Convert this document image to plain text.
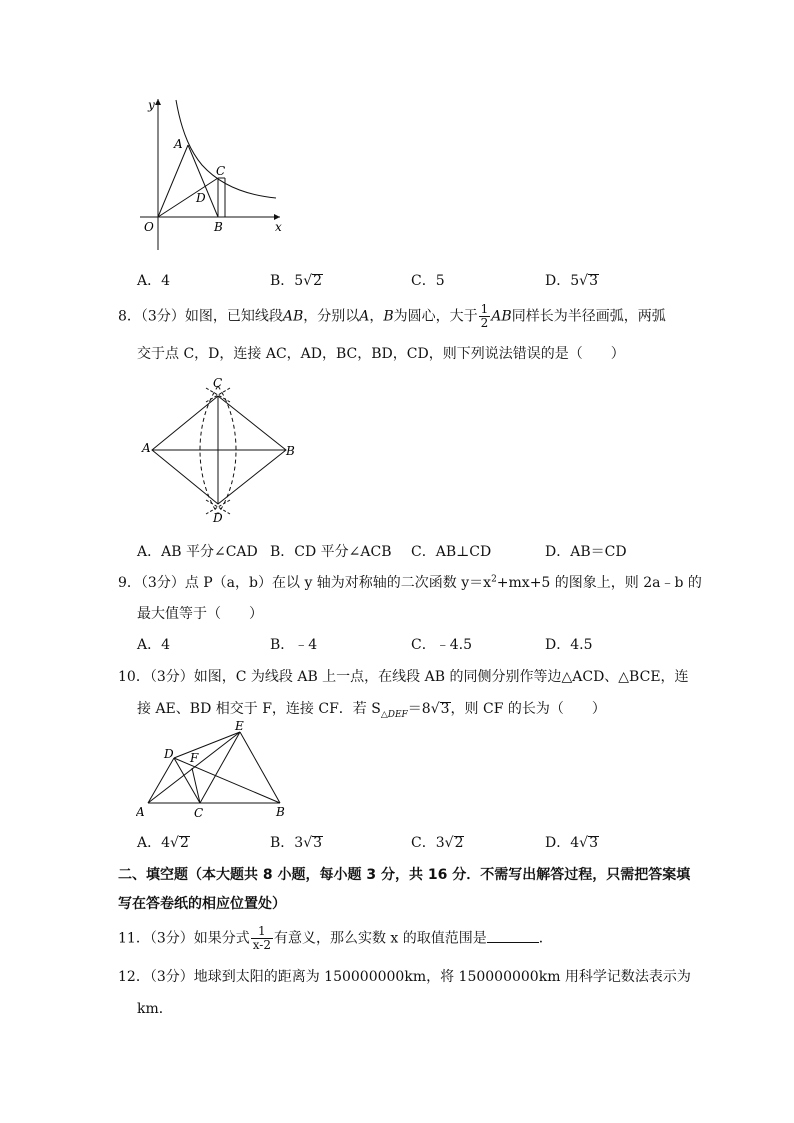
y
x
O
A
B
C
D
A．4	B．5√2	C．5	D．5√3
8．（3分）如图，已知线段AB，分别以A，B为圆心，大于 $\frac{1}{2}$ AB同样长为半径画弧，两弧
交于点 C，D，连接 AC，AD，BC，BD，CD，则下列说法错误的是（　　）
A	B
C
D
A．AB 平分∠CAD B．CD 平分∠ACB C．AB⊥CD	D．AB＝CD
9．（3分）点 P（a，b）在以 y 轴为对称轴的二次函数 $y=x^2+mx+5$ 的图象上，则 2a﹣b 的
最大值等于（　　）
A．4	B．﹣4	C．﹣4.5	D．4.5
10．（3分）如图，C 为线段 AB 上一点，在线段 AB 的同侧分别作等边△ACD、△BCE，连
接 AE、BD 相交于 F，连接 CF．若 $S_{\triangle DEF}=8√3$，则 CF 的长为（　　）
A	B
C
D
E
F
A．4√2	B．3√3	C．3√2	D．4√3
二、填空题（本大题共 8 小题，每小题 3 分，共 16 分．不需写出解答过程，只需把答案填
写在答卷纸的相应位置处）
11．（3分）如果分式 $\frac{1}{x-2}$ 有意义，那么实数 x 的取值范围是	．
12．（3分）地球到太阳的距离为 150000000km，将 150000000km 用科学记数法表示为
km．
